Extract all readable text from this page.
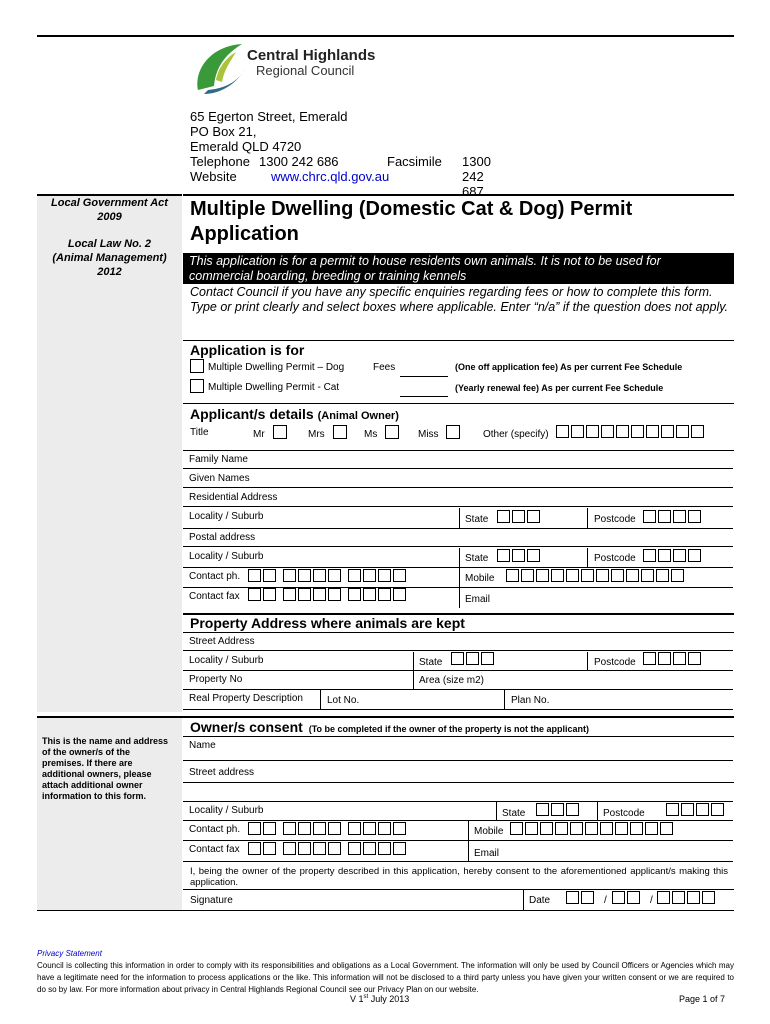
Local Government Act 2009
Local Law No. 2 (Animal Management) 2012
This is the name and address of the owner/s of the premises. If there are additional owners, please attach additional owner information to this form.
Central Highlands
Regional Council
65 Egerton Street, Emerald
PO Box 21,
Emerald QLD 4720
Telephone 1300 242 686	Facsimile 1300 242 687
Website	www.chrc.qld.gov.au
Multiple Dwelling (Domestic Cat & Dog) Permit Application
This application is for a permit to house residents own animals. It is not to be used for commercial boarding, breeding or training kennels
Contact Council if you have any specific enquiries regarding fees or how to complete this form. Type or print clearly and select boxes where applicable. Enter “n/a” if the question does not apply.
Application is for
Multiple Dwelling Permit – Dog	Fees	(One off application fee) As per current Fee Schedule
Multiple Dwelling Permit - Cat	(Yearly renewal fee) As per current Fee Schedule
Applicant/s details (Animal Owner)
Title	Mr	Mrs	Ms	Miss	Other (specify)
Family Name
Given Names
Residential Address
Locality / Suburb	State	Postcode
Postal address
Locality / Suburb	State	Postcode
Contact ph.	Mobile
Contact fax	Email
Property Address where animals are kept
Street Address
Locality / Suburb	State	Postcode
Property No	Area (size m2)
Real Property Description Lot No.	Plan No.
Owner/s consent (To be completed if the owner of the property is not the applicant)
Name
Street address
Locality / Suburb	State	Postcode
Contact ph.	Mobile
Contact fax	Email
I, being the owner of the property described in this application, hereby consent to the aforementioned applicant/s making this application.
Signature	Date	/	/
Privacy Statement
Council is collecting this information in order to comply with its responsibilities and obligations as a Local Government. The information will only be used by Council Officers or Agencies which may have a legitimate need for the information to process applications or the like. This information will not be disclosed to a third party unless you have given your written consent or we are required to do so by law. For more information about privacy in Central Highlands Regional Council see our Privacy Plan on our website.
V 1st July 2013	Page 1 of 7
